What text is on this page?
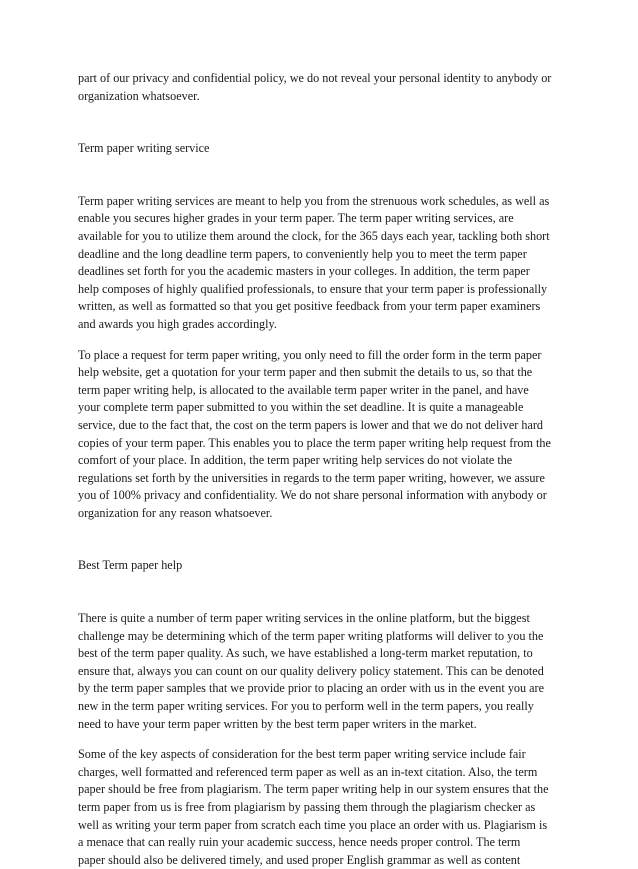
part of our privacy and confidential policy, we do not reveal your personal identity to anybody or

organization whatsoever.

Term paper writing service

Term paper writing services are meant to help you from the strenuous work schedules, as well as

enable you secures higher grades in your term paper. The term paper writing services, are

available for you to utilize them around the clock, for the 365 days each year, tackling both short

deadline and the long deadline term papers, to conveniently help you to meet the term paper

deadlines set forth for you the academic masters in your colleges. In addition, the term paper

help composes of highly qualified professionals, to ensure that your term paper is professionally

written, as well as formatted so that you get positive feedback from your term paper examiners

and awards you high grades accordingly.

To place a request for term paper writing, you only need to fill the order form in the term paper

help website, get a quotation for your term paper and then submit the details to us, so that the

term paper writing help, is allocated to the available term paper writer in the panel, and have

your complete term paper submitted to you within the set deadline. It is quite a manageable

service, due to the fact that, the cost on the term papers is lower and that we do not deliver hard

copies of your term paper. This enables you to place the term paper writing help request from the

comfort of your place. In addition, the term paper writing help services do not violate the

regulations set forth by the universities in regards to the term paper writing, however, we assure

you of 100% privacy and confidentiality. We do not share personal information with anybody or

organization for any reason whatsoever.

Best Term paper help

There is quite a number of term paper writing services in the online platform, but the biggest

challenge may be determining which of the term paper writing platforms will deliver to you the

best of the term paper quality. As such, we have established a long-term market reputation, to

ensure that, always you can count on our quality delivery policy statement. This can be denoted

by the term paper samples that we provide prior to placing an order with us in the event you are

new in the term paper writing services. For you to perform well in the term papers, you really

need to have your term paper written by the best term paper writers in the market.

Some of the key aspects of consideration for the best term paper writing service include fair

charges, well formatted and referenced term paper as well as an in-text citation. Also, the term

paper should be free from plagiarism. The term paper writing help in our system ensures that the

term paper from us is free from plagiarism by passing them through the plagiarism checker as

well as writing your term paper from scratch each time you place an order with us. Plagiarism is

a menace that can really ruin your academic success, hence needs proper control. The term

paper should also be delivered timely, and used proper English grammar as well as content
